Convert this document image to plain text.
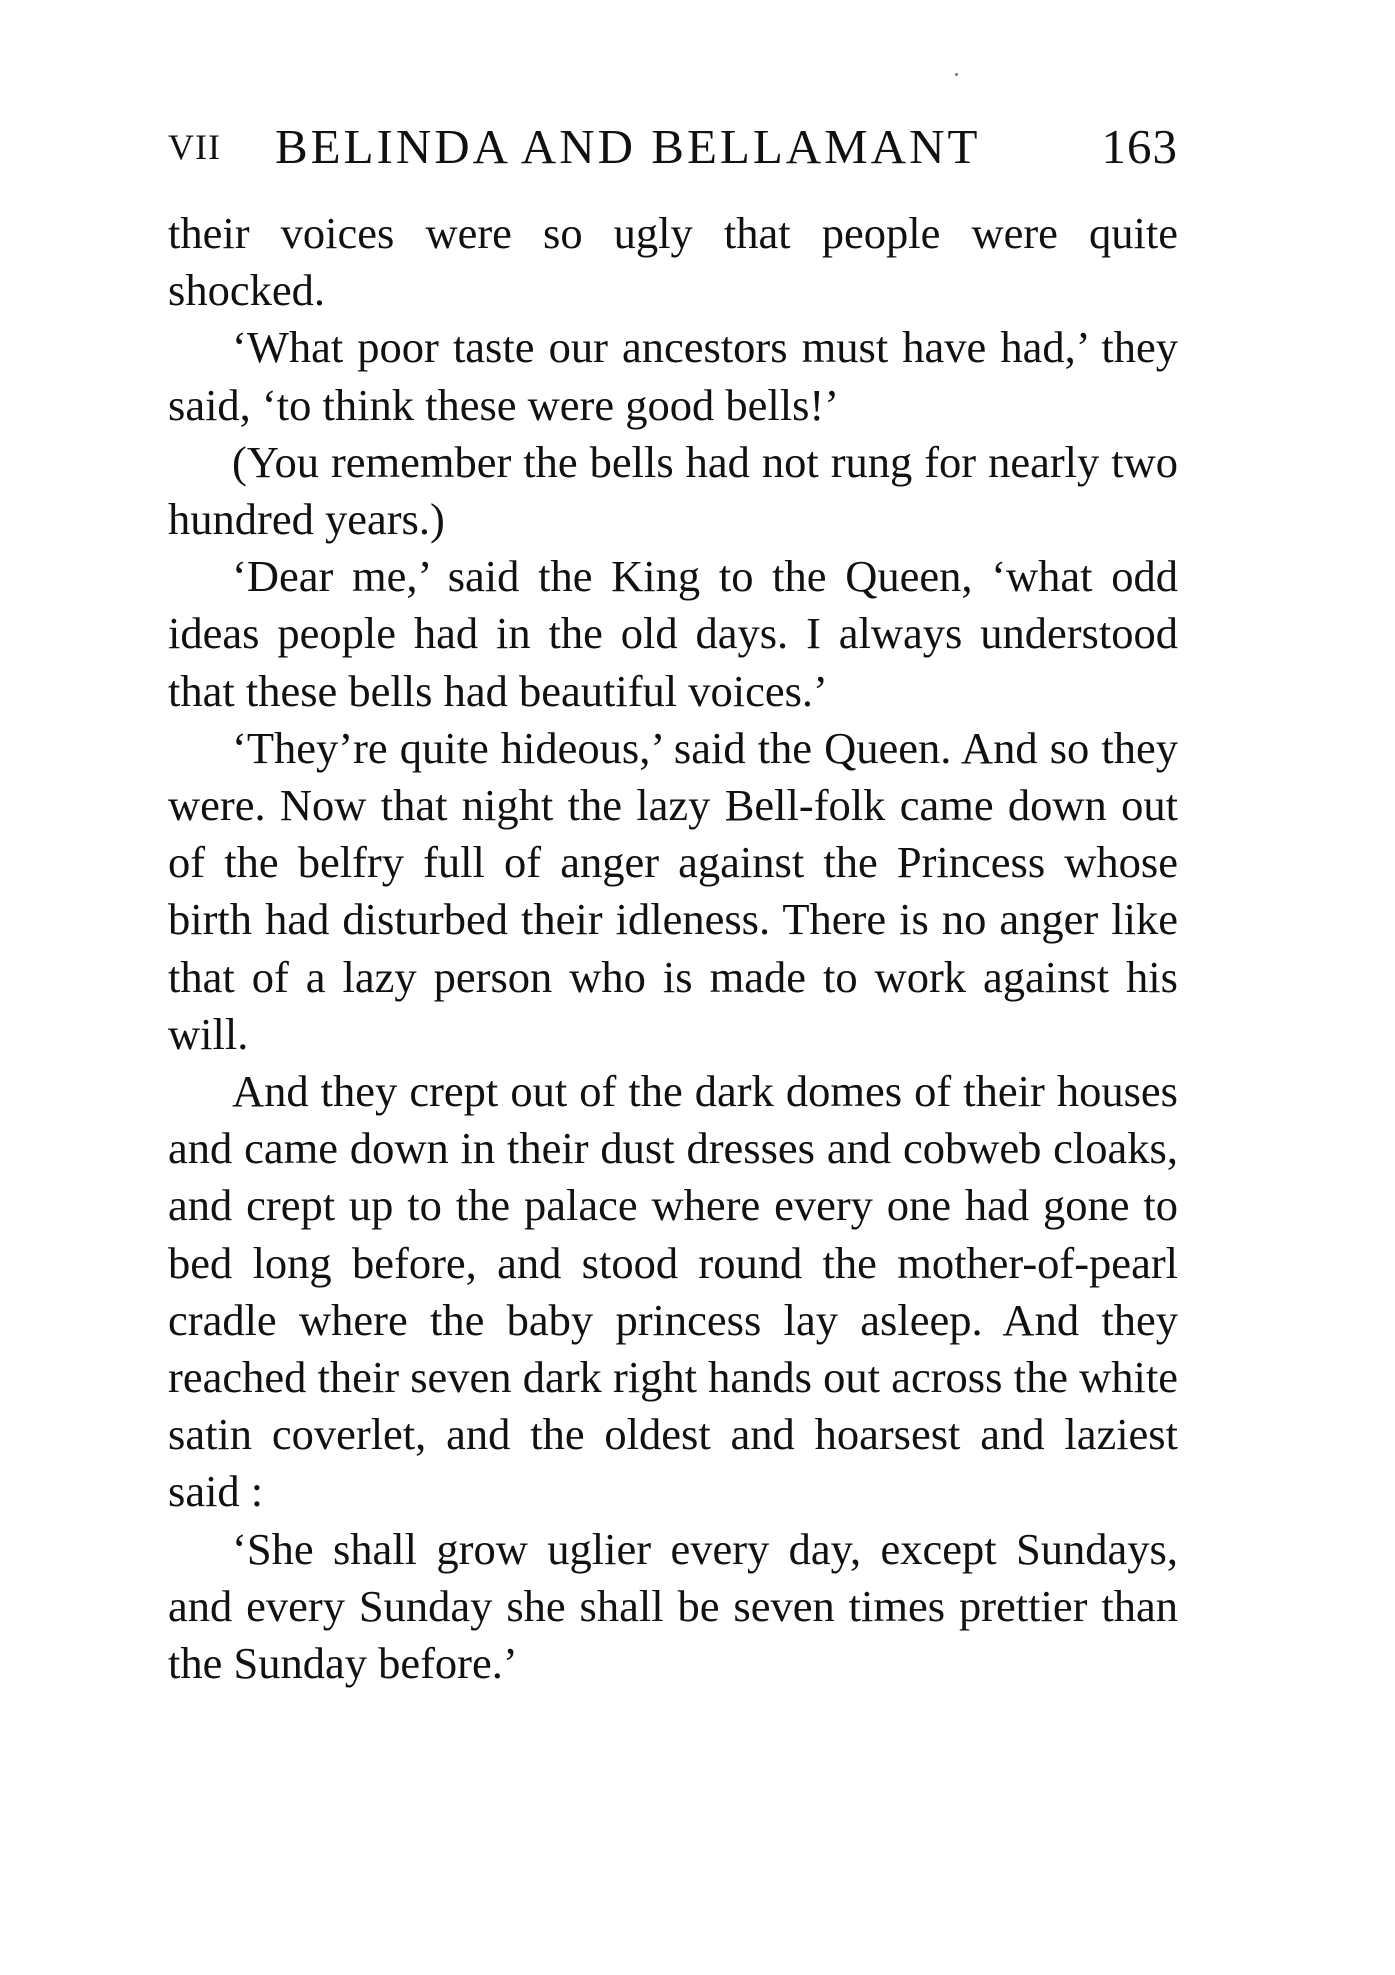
VII BELINDA AND BELLAMANT 163

their voices were so ugly that people were quite shocked.

‘What poor taste our ancestors must have had,’ they said, ‘to think these were good bells!’

(You remember the bells had not rung for nearly two hundred years.)

‘Dear me,’ said the King to the Queen, ‘what odd ideas people had in the old days. I always understood that these bells had beautiful voices.’

‘They’re quite hideous,’ said the Queen. And so they were. Now that night the lazy Bell-folk came down out of the belfry full of anger against the Princess whose birth had disturbed their idleness. There is no anger like that of a lazy person who is made to work against his will.

And they crept out of the dark domes of their houses and came down in their dust dresses and cobweb cloaks, and crept up to the palace where every one had gone to bed long before, and stood round the mother-of-pearl cradle where the baby princess lay asleep. And they reached their seven dark right hands out across the white satin coverlet, and the oldest and hoarsest and laziest said :

‘She shall grow uglier every day, except Sundays, and every Sunday she shall be seven times prettier than the Sunday before.’
